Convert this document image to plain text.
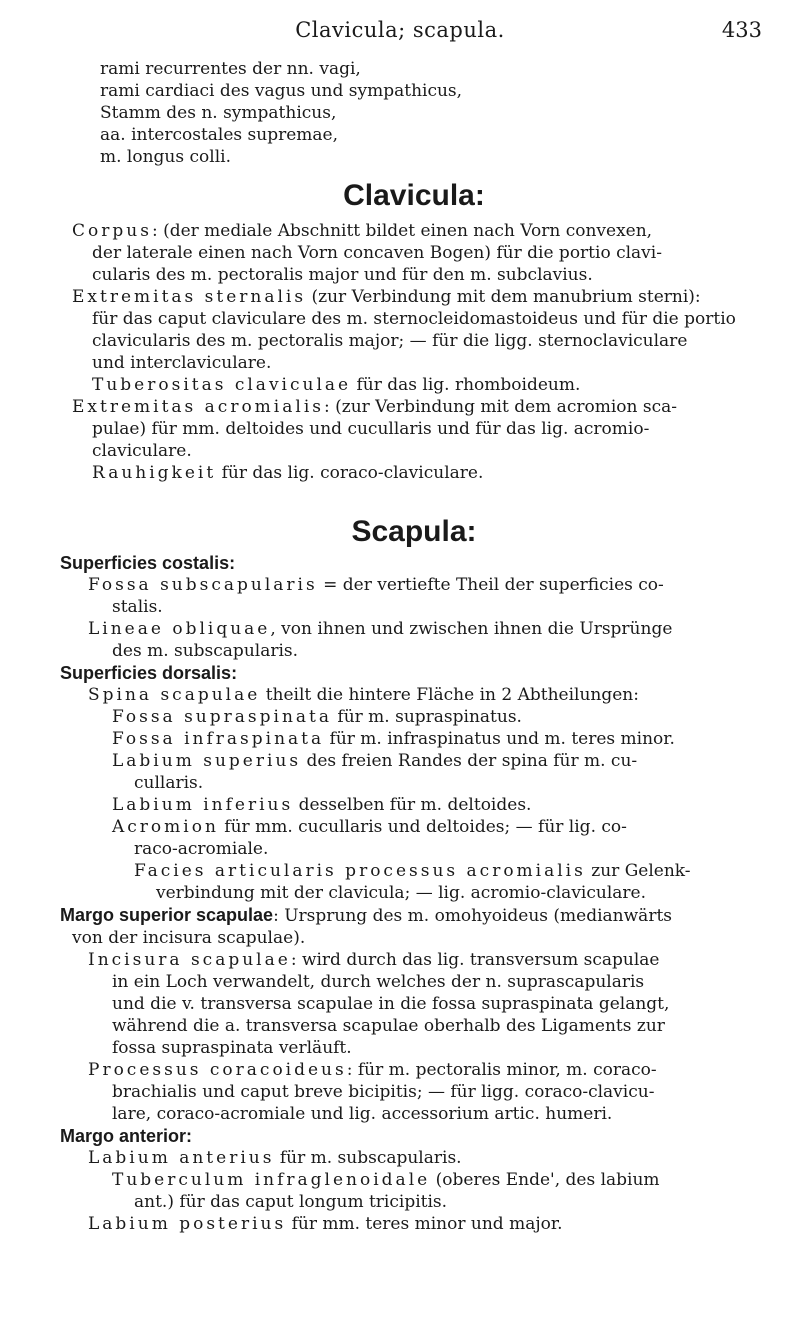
Clavicula; scapula.	433
rami recurrentes der nn. vagi,
rami cardiaci des vagus und sympathicus,
Stamm des n. sympathicus,
aa. intercostales supremae,
m. longus colli.
Clavicula:
Corpus: (der mediale Abschnitt bildet einen nach Vorn convexen,
der laterale einen nach Vorn concaven Bogen) für die portio clavi-
cularis des m. pectoralis major und für den m. subclavius.
Extremitas sternalis (zur Verbindung mit dem manubrium sterni):
für das caput claviculare des m. sternocleidomastoideus und für die portio
clavicularis des m. pectoralis major; — für die ligg. sternoclaviculare
und interclaviculare.
Tuberositas claviculae für das lig. rhomboideum.
Extremitas acromialis: (zur Verbindung mit dem acromion sca-
pulae) für mm. deltoides und cucullaris und für das lig. acromio-
claviculare.
Rauhigkeit für das lig. coraco-claviculare.
Scapula:
Superficies costalis:
Fossa subscapularis = der vertiefte Theil der superficies co-
stalis.
Lineae obliquae, von ihnen und zwischen ihnen die Ursprünge
des m. subscapularis.
Superficies dorsalis:
Spina scapulae theilt die hintere Fläche in 2 Abtheilungen:
Fossa supraspinata für m. supraspinatus.
Fossa infraspinata für m. infraspinatus und m. teres minor.
Labium superius des freien Randes der spina für m. cu-
cullaris.
Labium inferius desselben für m. deltoides.
Acromion für mm. cucullaris und deltoides; — für lig. co-
raco-acromiale.
Facies articularis processus acromialis zur Gelenk-
verbindung mit der clavicula; — lig. acromio-claviculare.
Margo superior scapulae: Ursprung des m. omohyoideus (medianwärts
von der incisura scapulae).
Incisura scapulae: wird durch das lig. transversum scapulae
in ein Loch verwandelt, durch welches der n. suprascapularis
und die v. transversa scapulae in die fossa supraspinata gelangt,
während die a. transversa scapulae oberhalb des Ligaments zur
fossa supraspinata verläuft.
Processus coracoideus: für m. pectoralis minor, m. coraco-
brachialis und caput breve bicipitis; — für ligg. coraco-clavicu-
lare, coraco-acromiale und lig. accessorium artic. humeri.
Margo anterior:
Labium anterius für m. subscapularis.
Tuberculum infraglenoidale (oberes Ende', des labium
ant.) für das caput longum tricipitis.
Labium posterius für mm. teres minor und major.
